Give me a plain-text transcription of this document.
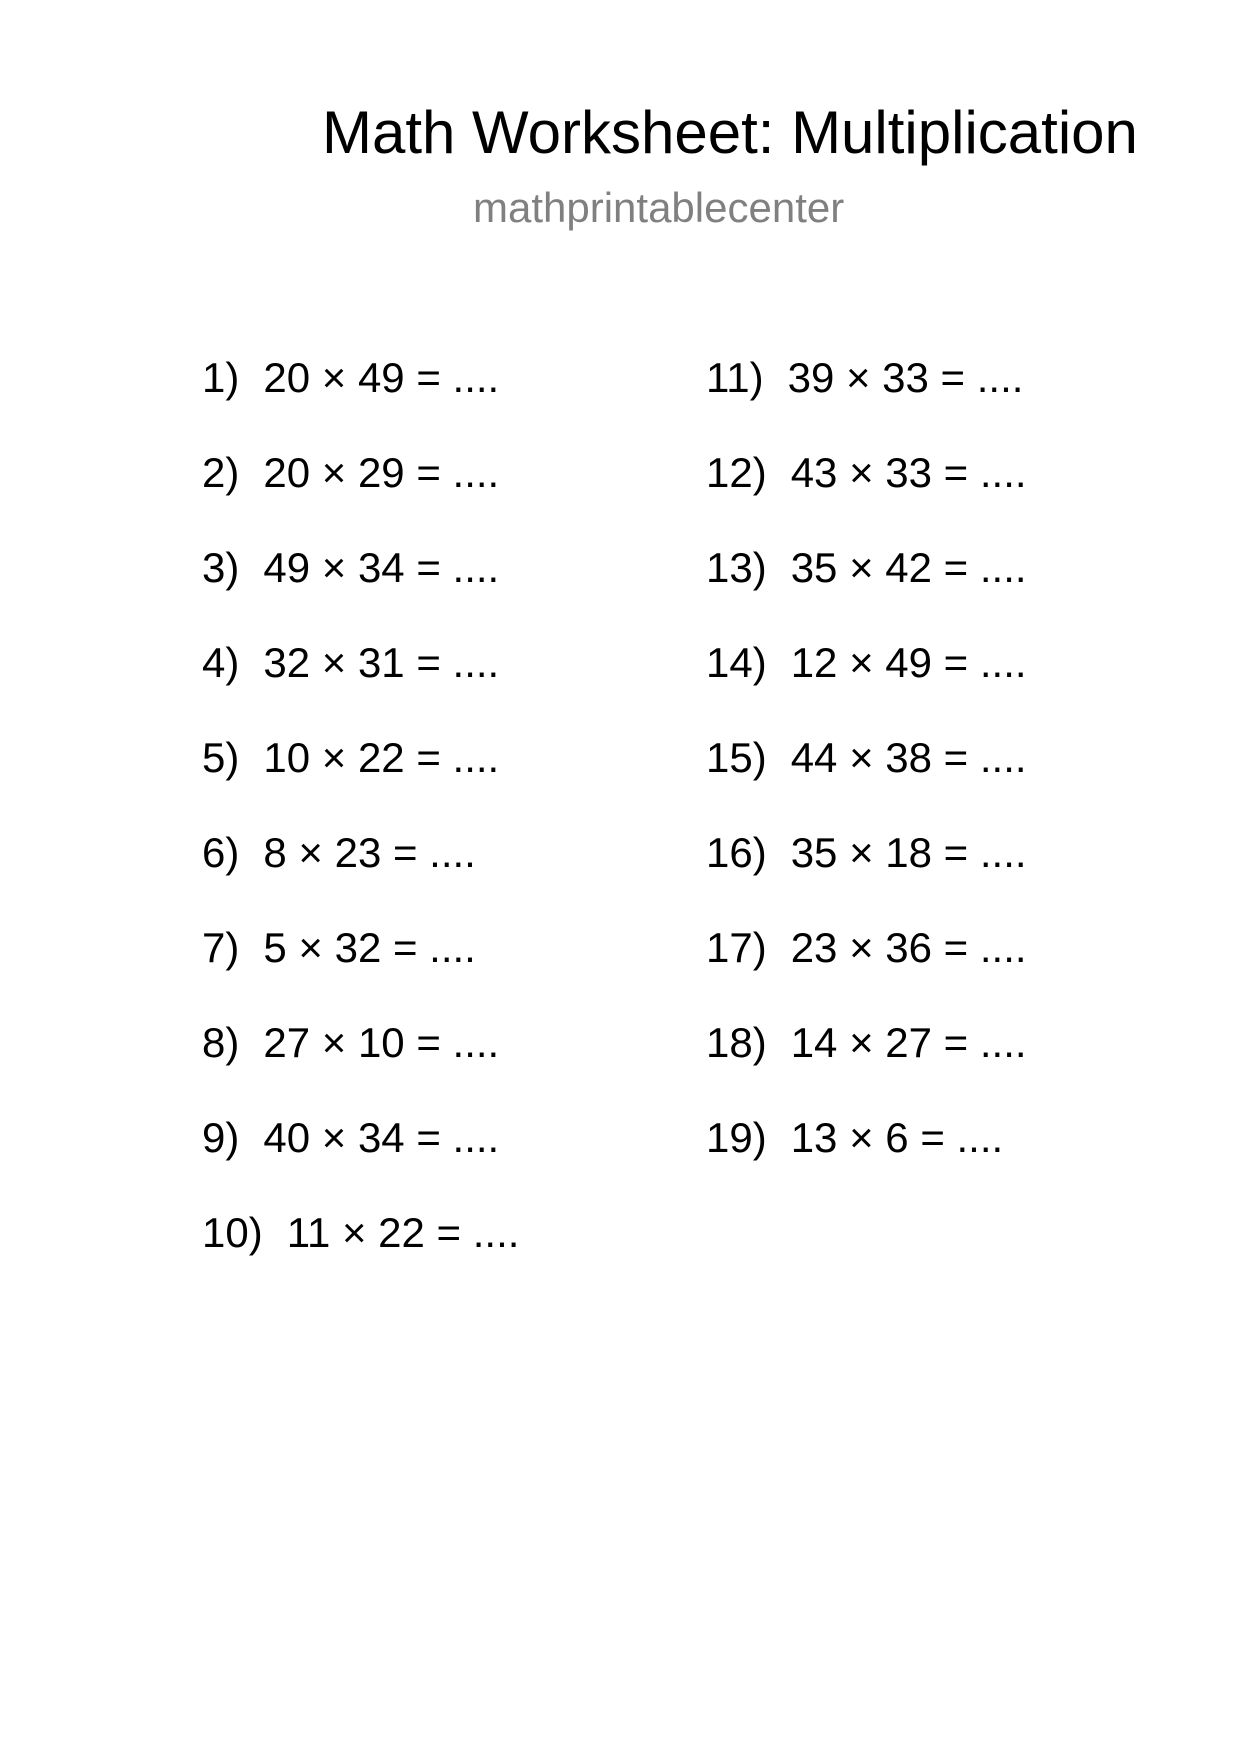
Math Worksheet: Multiplication
mathprintablecenter
1) 20 × 49 = ....
2) 20 × 29 = ....
3) 49 × 34 = ....
4) 32 × 31 = ....
5) 10 × 22 = ....
6) 8 × 23 = ....
7) 5 × 32 = ....
8) 27 × 10 = ....
9) 40 × 34 = ....
10) 11 × 22 = ....
11) 39 × 33 = ....
12) 43 × 33 = ....
13) 35 × 42 = ....
14) 12 × 49 = ....
15) 44 × 38 = ....
16) 35 × 18 = ....
17) 23 × 36 = ....
18) 14 × 27 = ....
19) 13 × 6 = ....
